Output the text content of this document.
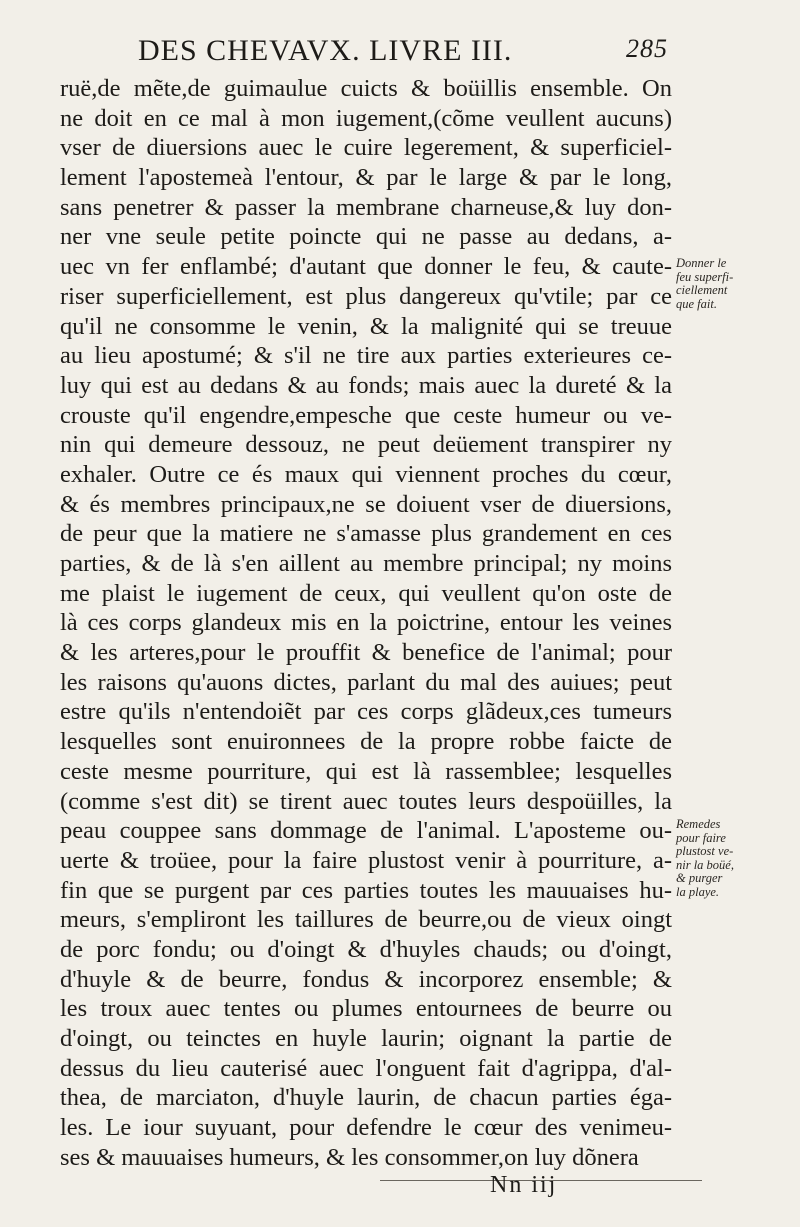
DES CHEVAVX. LIVRE III.	285
ruë,de mẽte,de guimaulue cuicts & boüillis ensemble. On
ne doit en ce mal à mon iugement,(cõme veullent aucuns)
vser de diuersions auec le cuire legerement, & superficiel-
lement l'apostemeà l'entour, & par le large & par le long,
sans penetrer & passer la membrane charneuse,& luy don-
ner vne seule petite poincte qui ne passe au dedans, a-
uec vn fer enflambé; d'autant que donner le feu, & caute-
riser superficiellement, est plus dangereux qu'vtile; par ce
qu'il ne consomme le venin, & la malignité qui se treuue
au lieu apostumé; & s'il ne tire aux parties exterieures ce-
luy qui est au dedans & au fonds; mais auec la dureté & la
crouste qu'il engendre,empesche que ceste humeur ou ve-
nin qui demeure dessouz, ne peut deüement transpirer ny
exhaler. Outre ce és maux qui viennent proches du cœur,
& és membres principaux,ne se doiuent vser de diuersions,
de peur que la matiere ne s'amasse plus grandement en ces
parties, & de là s'en aillent au membre principal; ny moins
me plaist le iugement de ceux, qui veullent qu'on oste de
là ces corps glandeux mis en la poictrine, entour les veines
& les arteres,pour le prouffit & benefice de l'animal; pour
les raisons qu'auons dictes, parlant du mal des auiues; peut
estre qu'ils n'entendoiẽt par ces corps glãdeux,ces tumeurs
lesquelles sont enuironnees de la propre robbe faicte de
ceste mesme pourriture, qui est là rassemblee; lesquelles
(comme s'est dit) se tirent auec toutes leurs despoüilles, la
peau couppee sans dommage de l'animal. L'aposteme ou-
uerte & troüee, pour la faire plustost venir à pourriture, a-
fin que se purgent par ces parties toutes les mauuaises hu-
meurs, s'empliront les taillures de beurre,ou de vieux oingt
de porc fondu; ou d'oingt & d'huyles chauds; ou d'oingt,
d'huyle & de beurre, fondus & incorporez ensemble; &
les troux auec tentes ou plumes entournees de beurre ou
d'oingt, ou teinctes en huyle laurin; oignant la partie de
dessus du lieu cauterisé auec l'onguent fait d'agrippa, d'al-
thea, de marciaton, d'huyle laurin, de chacun parties éga-
les. Le iour suyuant, pour defendre le cœur des venimeu-
ses & mauuaises humeurs, & les consommer,on luy dõnera
Donner le
feu superfi-
ciellement
que fait.
Remedes
pour faire
plustost ve-
nir la boüé,
& purger
la playe.
Nn iij
